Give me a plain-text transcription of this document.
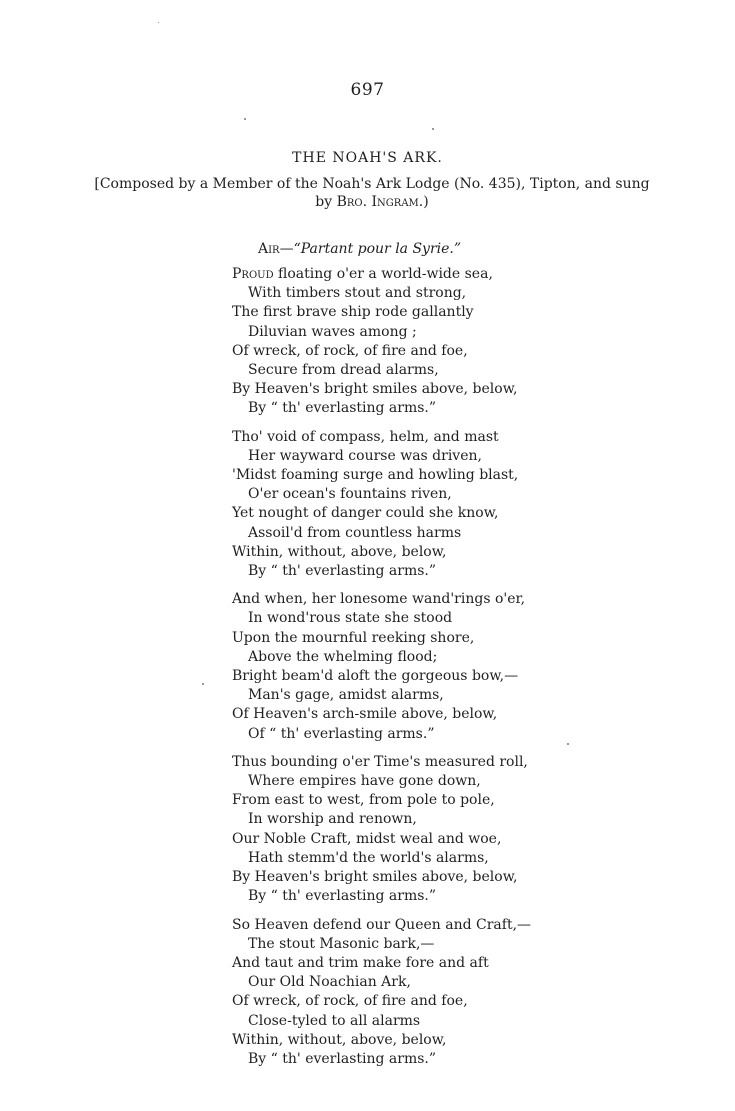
697
THE NOAH'S ARK.
[Composed by a Member of the Noah's Ark Lodge (No. 435), Tipton, and sung
by Bro. Ingram.)
Air—“Partant pour la Syrie.”
Proud floating o'er a world-wide sea,
With timbers stout and strong,
The first brave ship rode gallantly
Diluvian waves among ;
Of wreck, of rock, of fire and foe,
Secure from dread alarms,
By Heaven's bright smiles above, below,
By “ th' everlasting arms.”
Tho' void of compass, helm, and mast
Her wayward course was driven,
'Midst foaming surge and howling blast,
O'er ocean's fountains riven,
Yet nought of danger could she know,
Assoil'd from countless harms
Within, without, above, below,
By “ th' everlasting arms.”
And when, her lonesome wand'rings o'er,
In wond'rous state she stood
Upon the mournful reeking shore,
Above the whelming flood;
Bright beam'd aloft the gorgeous bow,—
Man's gage, amidst alarms,
Of Heaven's arch-smile above, below,
Of “ th' everlasting arms.”
Thus bounding o'er Time's measured roll,
Where empires have gone down,
From east to west, from pole to pole,
In worship and renown,
Our Noble Craft, midst weal and woe,
Hath stemm'd the world's alarms,
By Heaven's bright smiles above, below,
By “ th' everlasting arms.”
So Heaven defend our Queen and Craft,—
The stout Masonic bark,—
And taut and trim make fore and aft
Our Old Noachian Ark,
Of wreck, of rock, of fire and foe,
Close-tyled to all alarms
Within, without, above, below,
By “ th' everlasting arms.”
